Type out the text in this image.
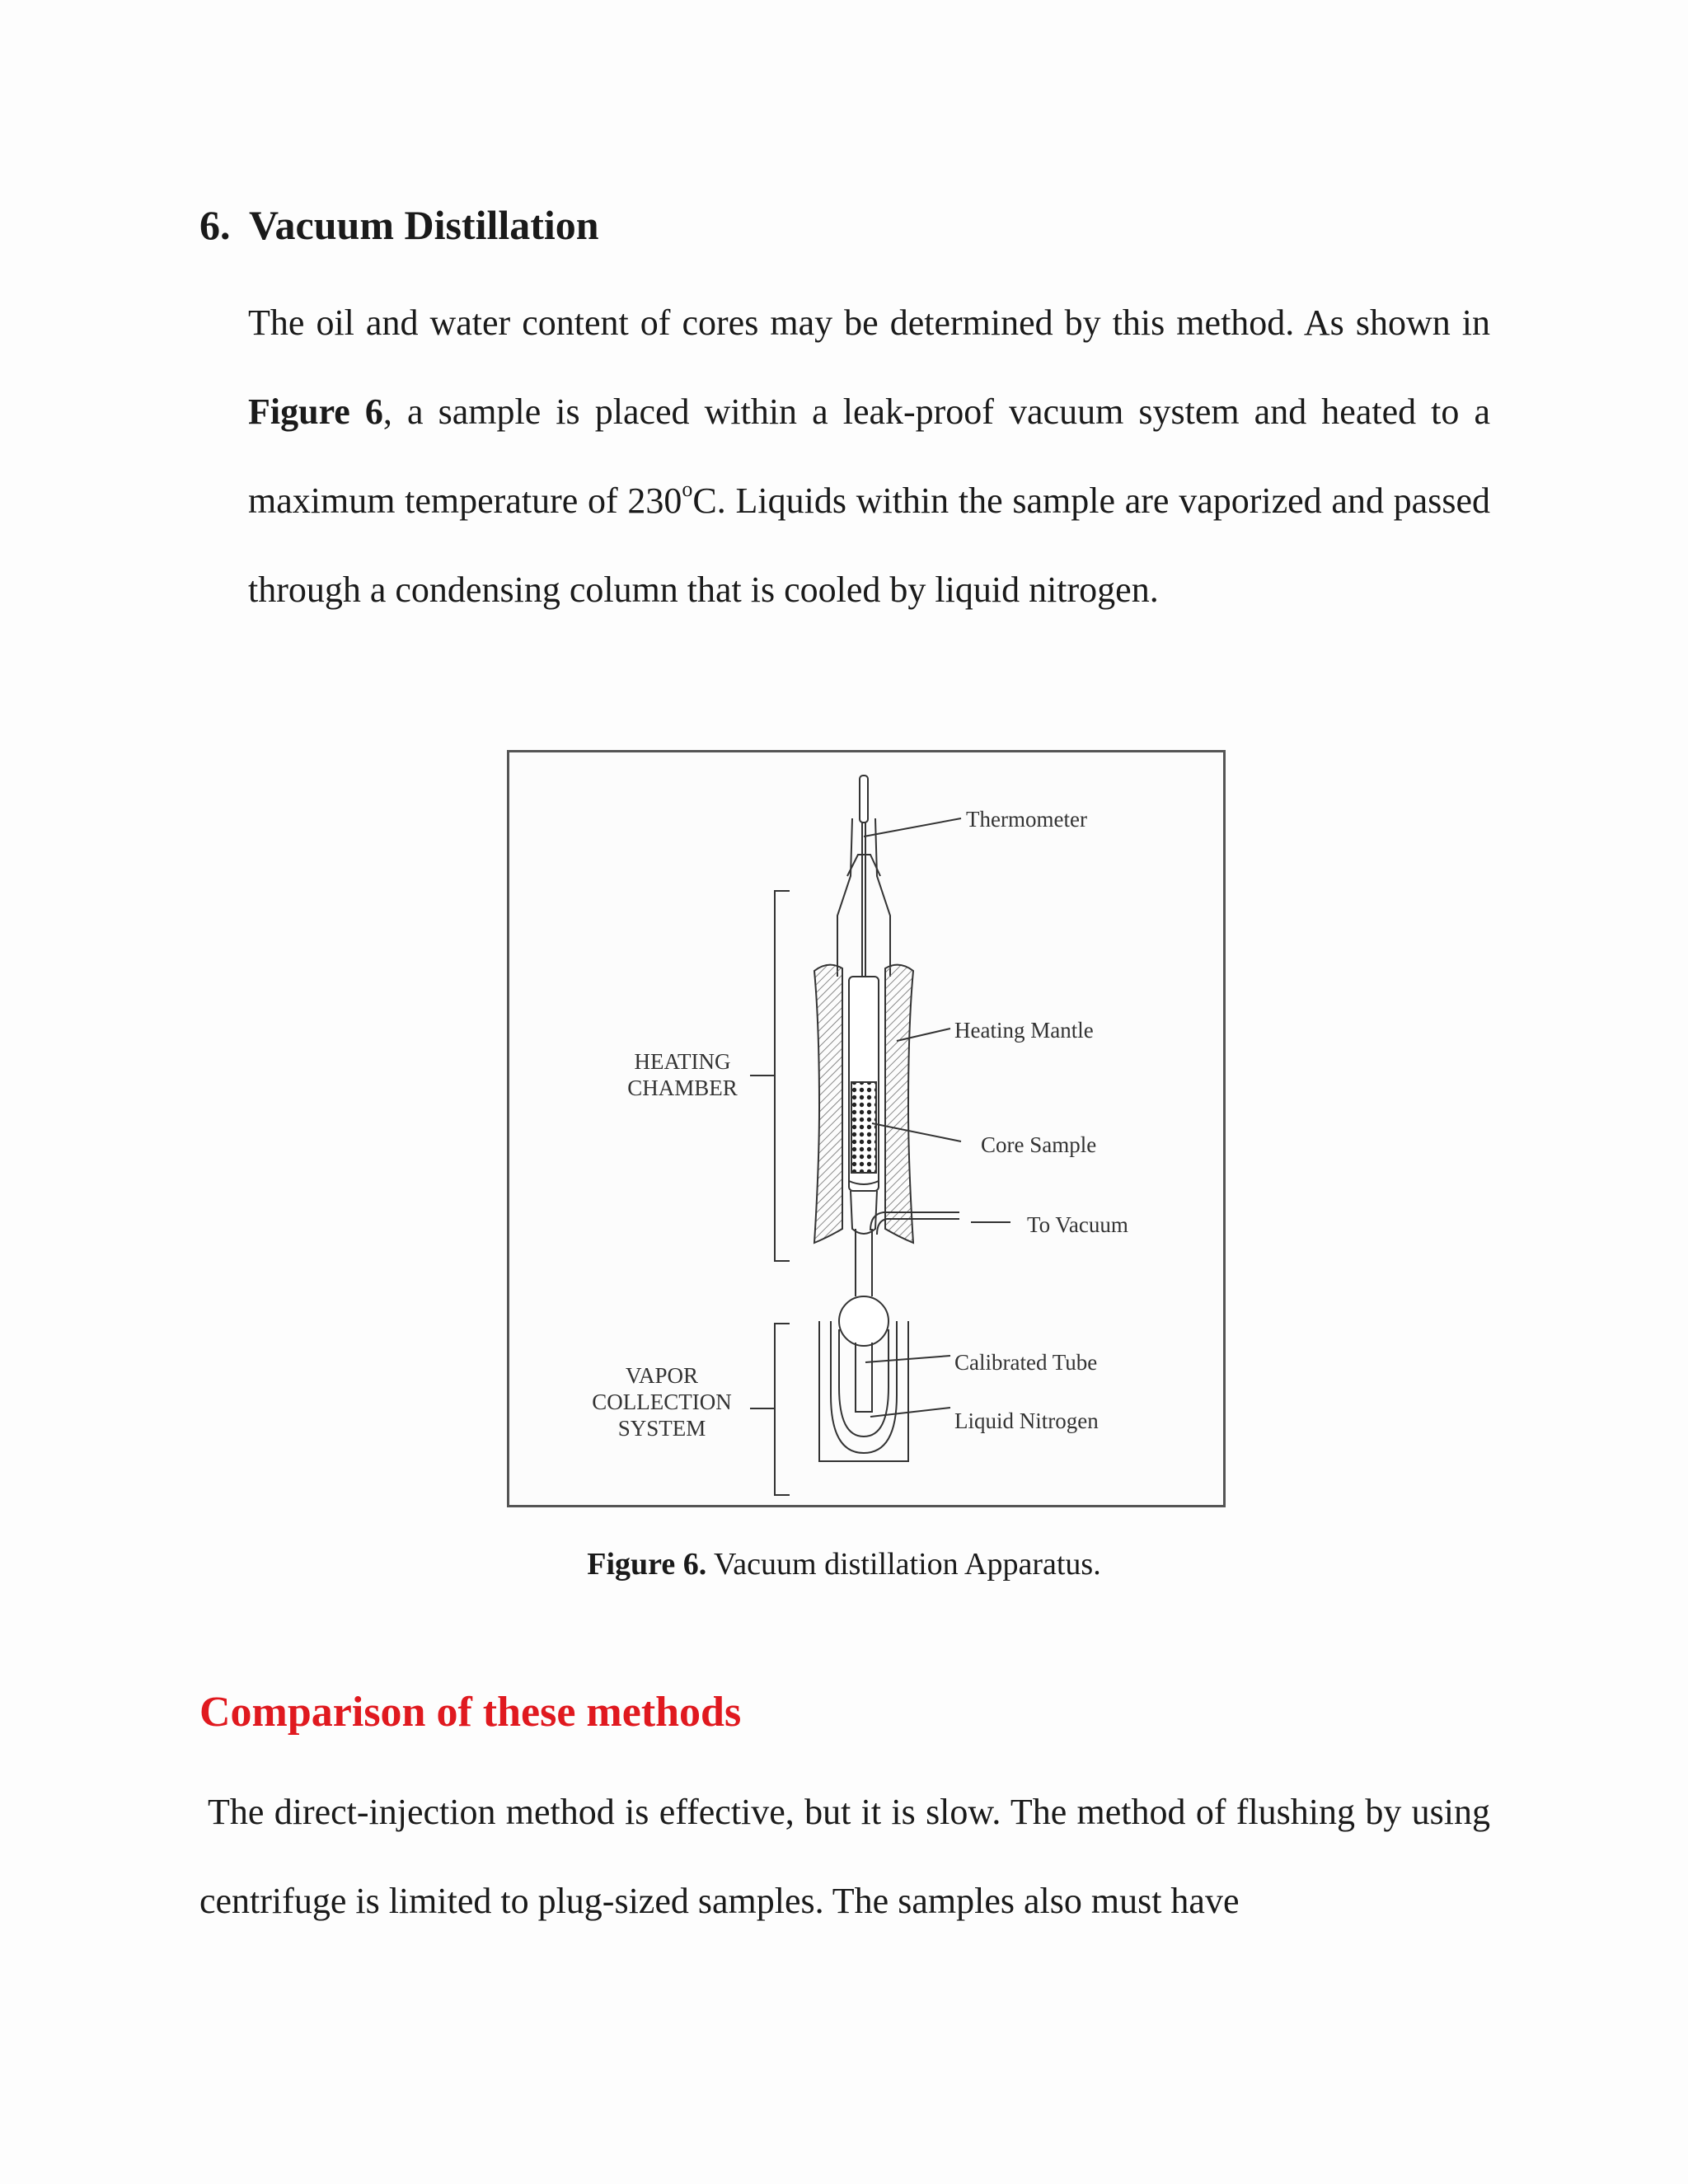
6. Vacuum Distillation

The oil and water content of cores may be determined by this method. As shown in Figure 6, a sample is placed within a leak-proof vacuum system and heated to a maximum temperature of 230$^o$C. Liquids within the sample are vaporized and passed through a condensing column that is cooled by liquid nitrogen.

Thermometer
Heating Mantle
Core Sample
To Vacuum
Calibrated Tube
Liquid Nitrogen
HEATING
CHAMBER
VAPOR
COLLECTION
SYSTEM

Figure 6. Vacuum distillation Apparatus.

Comparison of these methods

The direct-injection method is effective, but it is slow. The method of flushing by using centrifuge is limited to plug-sized samples. The samples also must have
